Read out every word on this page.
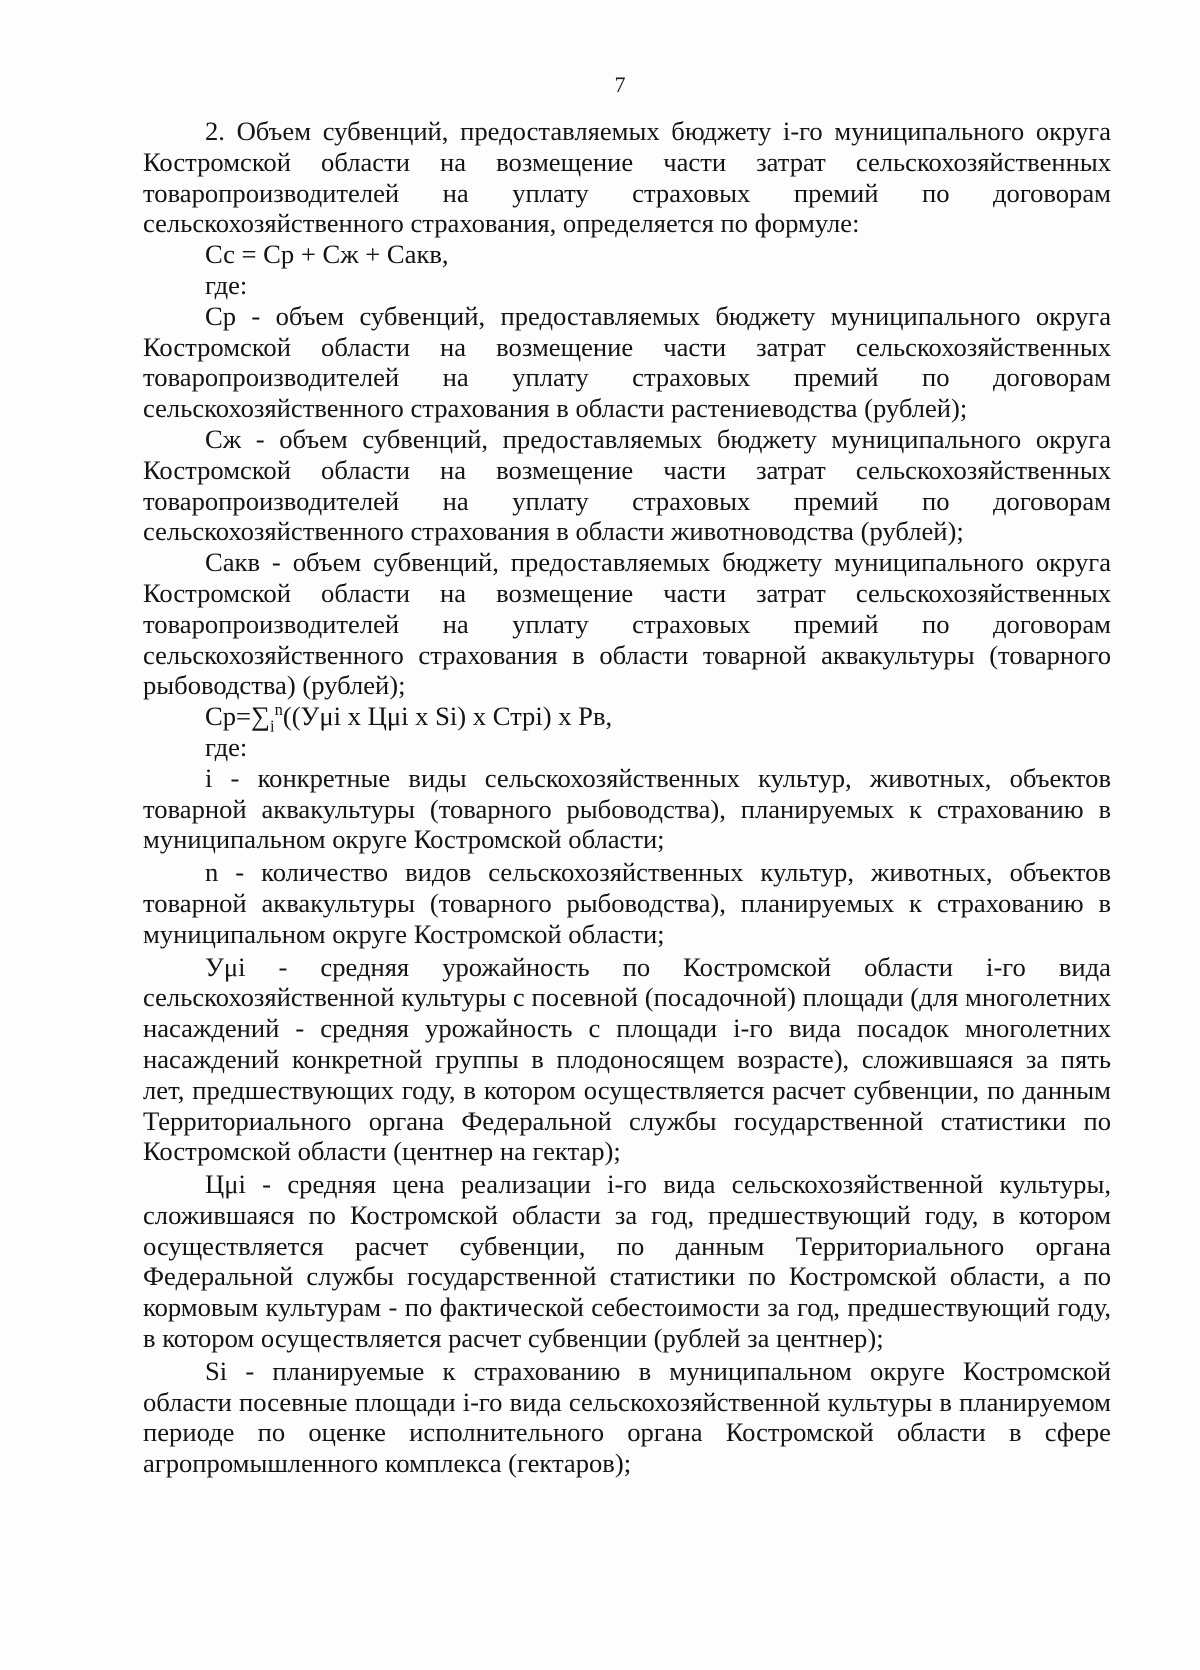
7

2. Объем субвенций, предоставляемых бюджету i-го муниципального округа Костромской области на возмещение части затрат сельскохозяйственных товаропроизводителей на уплату страховых премий по договорам сельскохозяйственного страхования, определяется по формуле:

Сс = Ср + Сж + Сакв,

где:

Ср - объем субвенций, предоставляемых бюджету муниципального округа Костромской области на возмещение части затрат сельскохозяйственных товаропроизводителей на уплату страховых премий по договорам сельскохозяйственного страхования в области растениеводства (рублей);

Сж - объем субвенций, предоставляемых бюджету муниципального округа Костромской области на возмещение части затрат сельскохозяйственных товаропроизводителей на уплату страховых премий по договорам сельскохозяйственного страхования в области животноводства (рублей);

Сакв - объем субвенций, предоставляемых бюджету муниципального округа Костромской области на возмещение части затрат сельскохозяйственных товаропроизводителей на уплату страховых премий по договорам сельскохозяйственного страхования в области товарной аквакультуры (товарного рыбоводства) (рублей);

$Ср=\sum_i^n((У\mu i$ x Цμi x Si) x Стрi) x Рв,

где:

i - конкретные виды сельскохозяйственных культур, животных, объектов товарной аквакультуры (товарного рыбоводства), планируемых к страхованию в муниципальном округе Костромской области;

n - количество видов сельскохозяйственных культур, животных, объектов товарной аквакультуры (товарного рыбоводства), планируемых к страхованию в муниципальном округе Костромской области;

Уμi - средняя урожайность по Костромской области i-го вида сельскохозяйственной культуры с посевной (посадочной) площади (для многолетних насаждений - средняя урожайность с площади i-го вида посадок многолетних насаждений конкретной группы в плодоносящем возрасте), сложившаяся за пять лет, предшествующих году, в котором осуществляется расчет субвенции, по данным Территориального органа Федеральной службы государственной статистики по Костромской области (центнер на гектар);

Цμi - средняя цена реализации i-го вида сельскохозяйственной культуры, сложившаяся по Костромской области за год, предшествующий году, в котором осуществляется расчет субвенции, по данным Территориального органа Федеральной службы государственной статистики по Костромской области, а по кормовым культурам - по фактической себестоимости за год, предшествующий году, в котором осуществляется расчет субвенции (рублей за центнер);

Si - планируемые к страхованию в муниципальном округе Костромской области посевные площади i-го вида сельскохозяйственной культуры в планируемом периоде по оценке исполнительного органа Костромской области в сфере агропромышленного комплекса (гектаров);
